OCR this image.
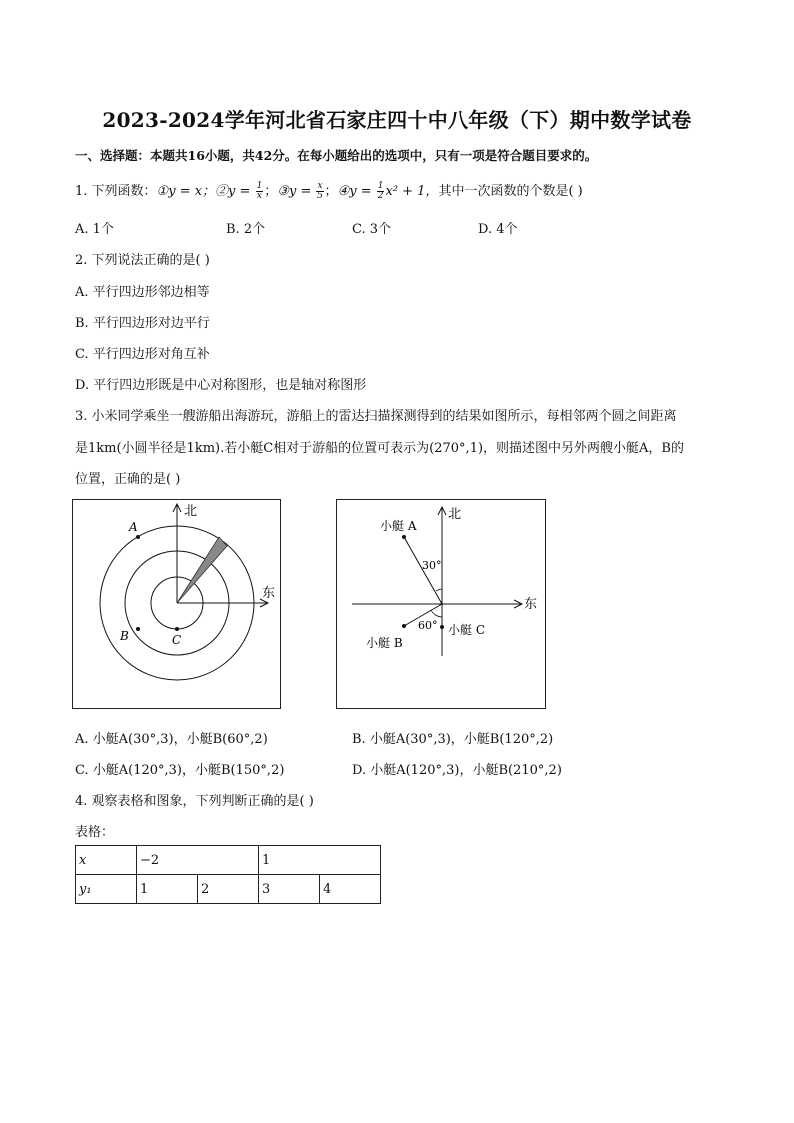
2023-2024学年河北省石家庄四十中八年级（下）期中数学试卷
一、选择题：本题共16小题，共42分。在每小题给出的选项中，只有一项是符合题目要求的。
1. 下列函数：①y = x；②y = $\frac{1}{x}$ ；③y = $\frac{x}{5}$ ；④y = $\frac{1}{2} x^2 + 1$，其中一次函数的个数是( )
A. 1个	B. 2个	C. 3个	D. 4个
2. 下列说法正确的是( )
A. 平行四边形邻边相等
B. 平行四边形对边平行
C. 平行四边形对角互补
D. 平行四边形既是中心对称图形，也是轴对称图形
3. 小米同学乘坐一艘游船出海游玩，游船上的雷达扫描探测得到的结果如图所示，每相邻两个圆之间距离
是1km(小圆半径是1km).若小艇C相对于游船的位置可表示为(270°,1)，则描述图中另外两艘小艇A，B的
位置，正确的是( )
北
东
A
B	C
北
东
小艇 A
小艇 B
小艇 C
30°
60°
A. 小艇A(30°,3)，小艇B(60°,2)	B. 小艇A(30°,3)，小艇B(120°,2)
C. 小艇A(120°,3)，小艇B(150°,2)	D. 小艇A(120°,3)，小艇B(210°,2)
4. 观察表格和图象，下列判断正确的是( )
表格：
x	−2		1	
y₁	1	2	3	4
